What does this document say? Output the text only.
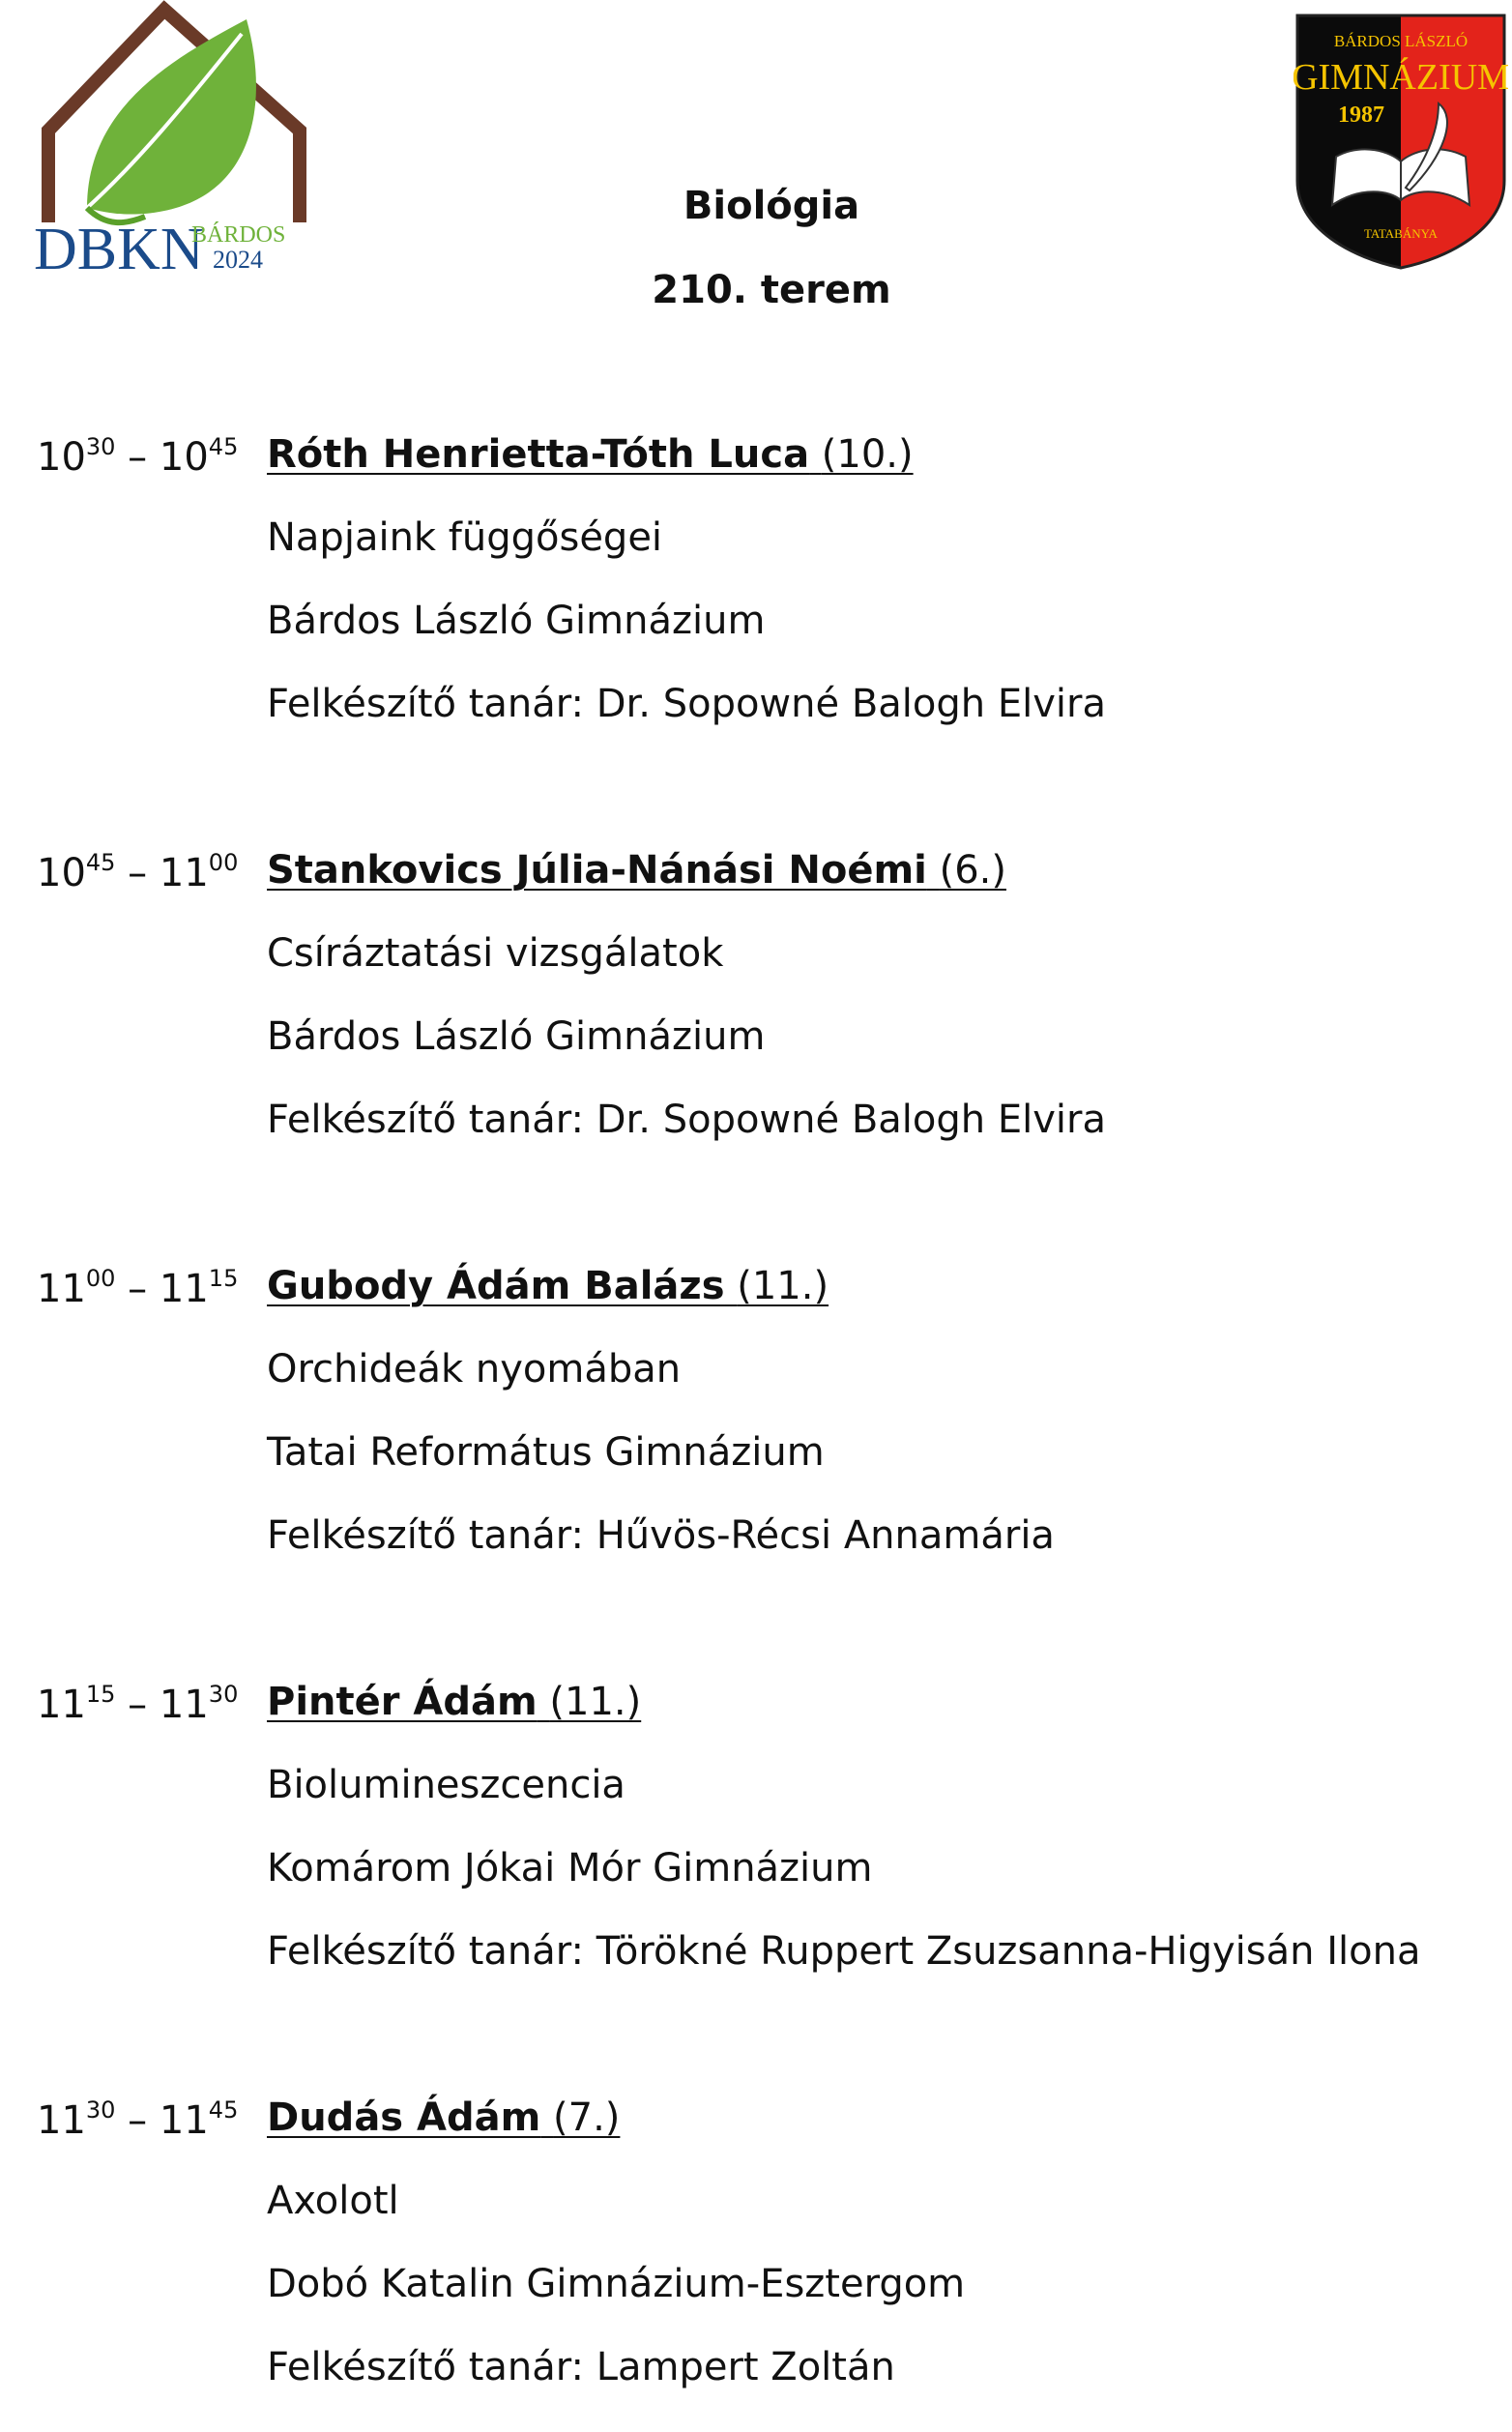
DBKN
BÁRDOS
2024
BÁRDOS LÁSZLÓ
GIMNÁZIUM
1987
TATABÁNYA
Biológia
210. terem
$10^{30} - 10^{45}$ Róth Henrietta-Tóth Luca (10.)
Napjaink függőségei
Bárdos László Gimnázium
Felkészítő tanár: Dr. Sopowné Balogh Elvira
$10^{45} - 11^{00}$ Stankovics Júlia-Nánási Noémi (6.)
Csíráztatási vizsgálatok
Bárdos László Gimnázium
Felkészítő tanár: Dr. Sopowné Balogh Elvira
$11^{00} - 11^{15}$ Gubody Ádám Balázs (11.)
Orchideák nyomában
Tatai Református Gimnázium
Felkészítő tanár: Hűvös-Récsi Annamária
$11^{15} - 11^{30}$ Pintér Ádám (11.)
Biolumineszcencia
Komárom Jókai Mór Gimnázium
Felkészítő tanár: Törökné Ruppert Zsuzsanna-Higyisán Ilona
$11^{30} - 11^{45}$ Dudás Ádám (7.)
Axolotl
Dobó Katalin Gimnázium-Esztergom
Felkészítő tanár: Lampert Zoltán
